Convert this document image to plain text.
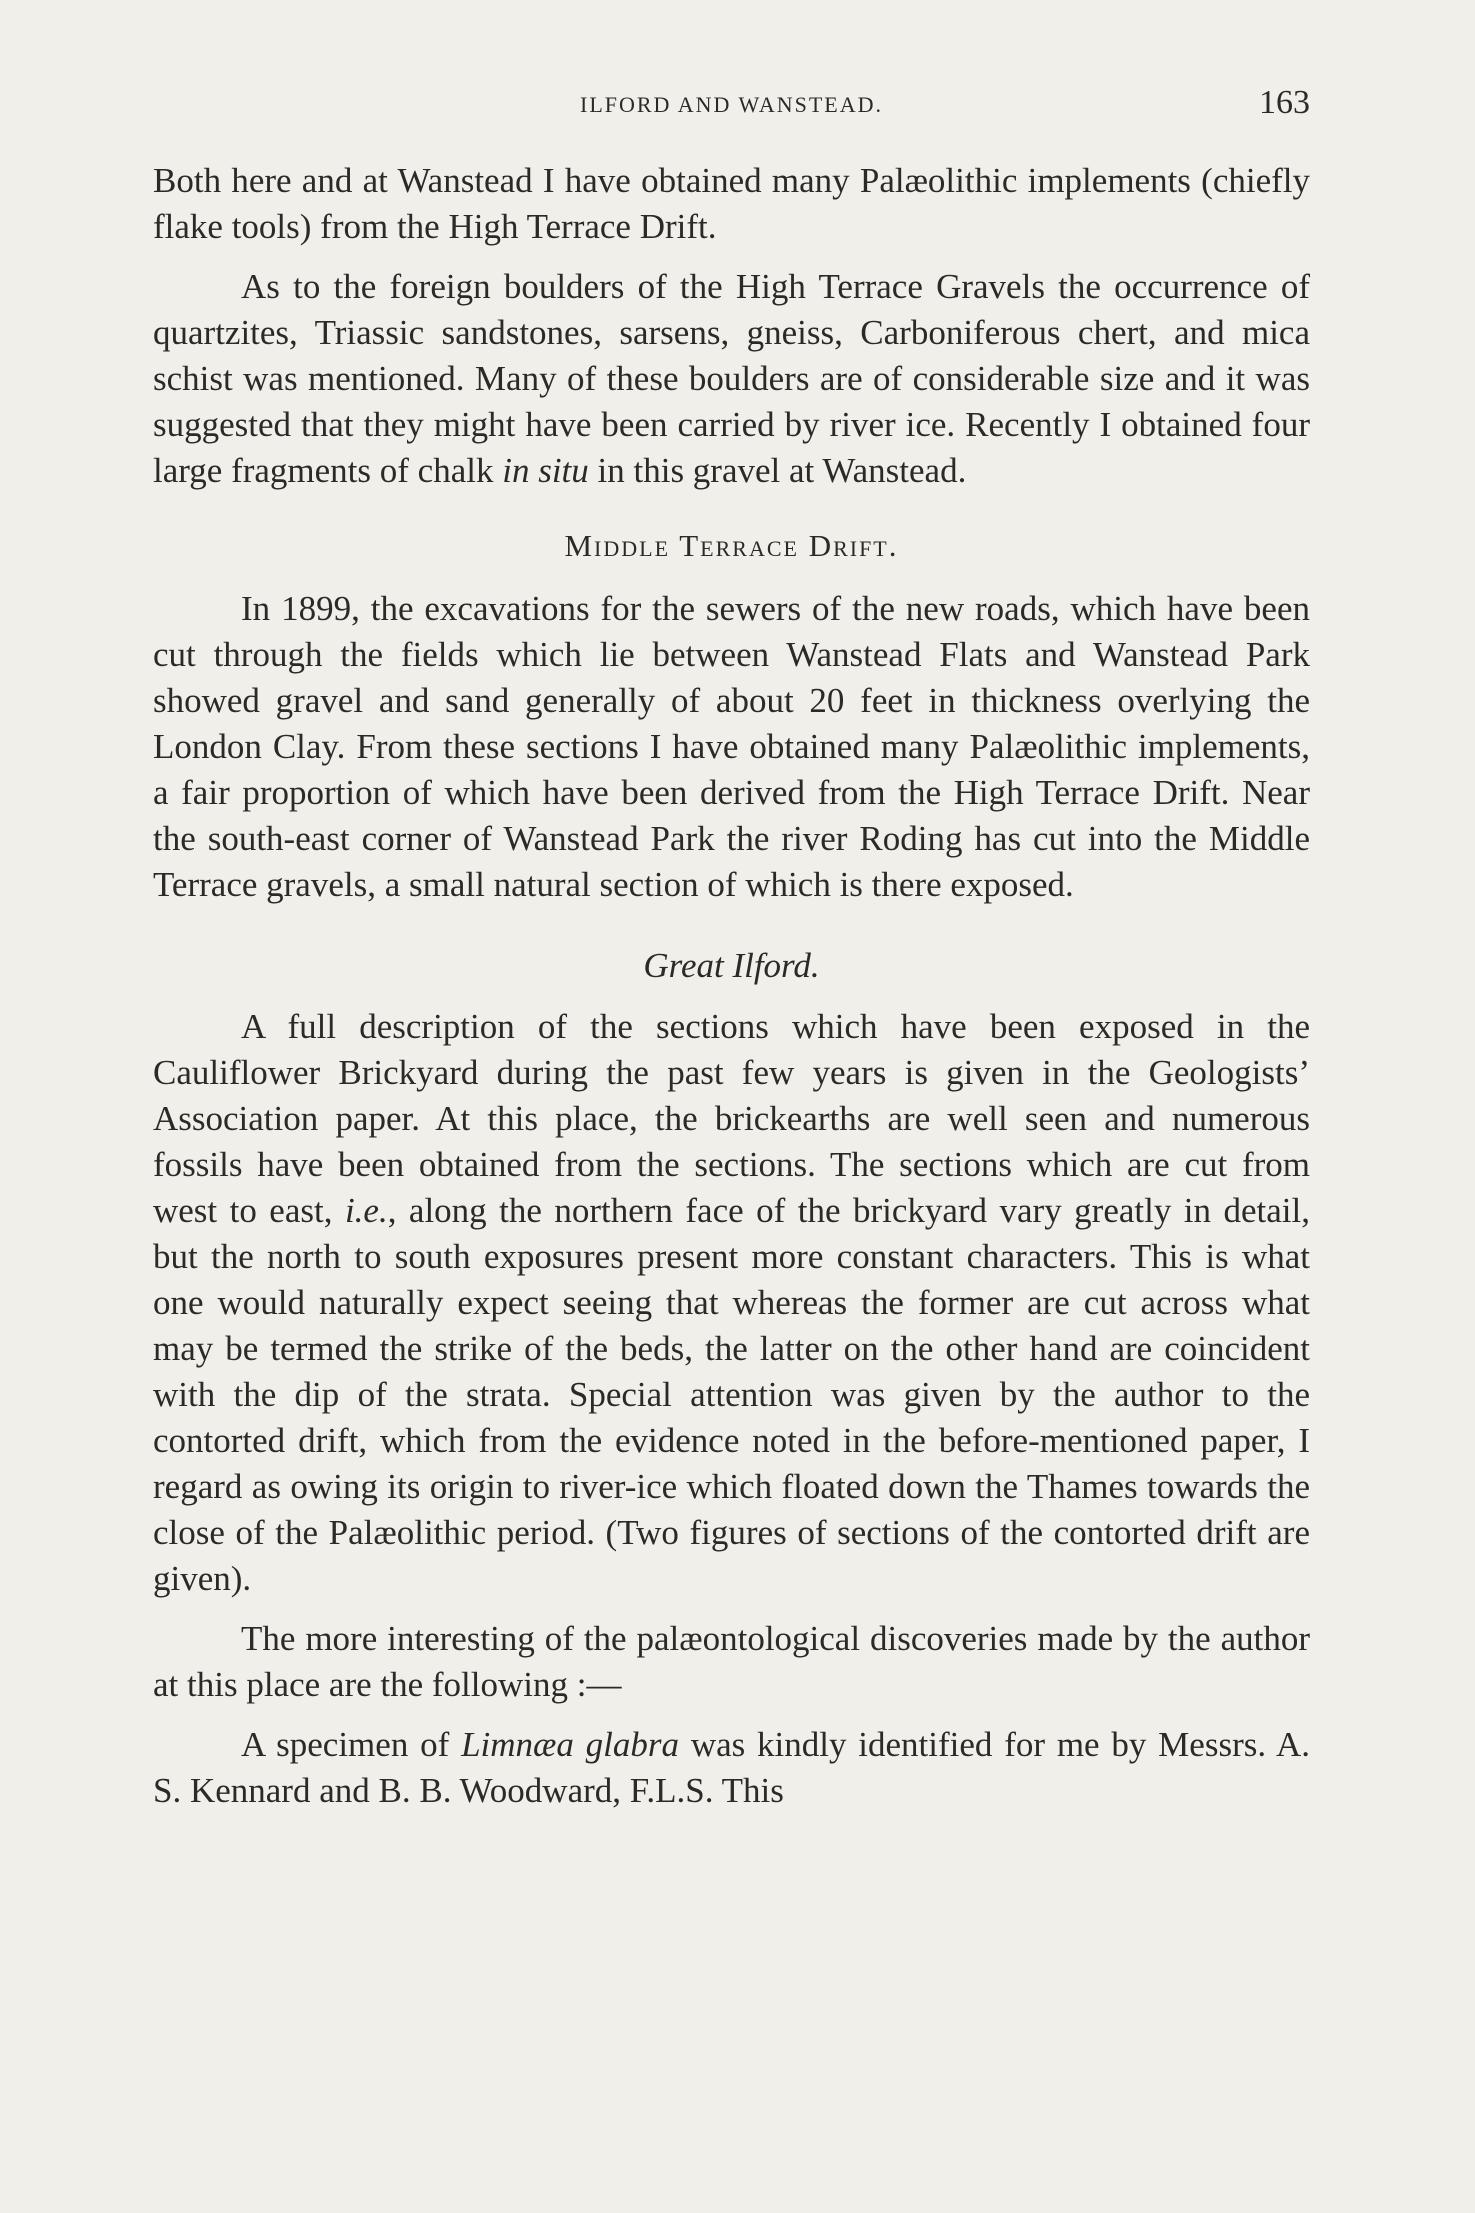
ILFORD AND WANSTEAD.	163

Both here and at Wanstead I have obtained many Palæolithic implements (chiefly flake tools) from the High Terrace Drift.

As to the foreign boulders of the High Terrace Gravels the occurrence of quartzites, Triassic sandstones, sarsens, gneiss, Carboniferous chert, and mica schist was mentioned. Many of these boulders are of considerable size and it was suggested that they might have been carried by river ice. Recently I obtained four large fragments of chalk in situ in this gravel at Wanstead.

Middle Terrace Drift.

In 1899, the excavations for the sewers of the new roads, which have been cut through the fields which lie between Wanstead Flats and Wanstead Park showed gravel and sand generally of about 20 feet in thickness overlying the London Clay. From these sections I have obtained many Palæolithic implements, a fair proportion of which have been derived from the High Terrace Drift. Near the south-east corner of Wanstead Park the river Roding has cut into the Middle Terrace gravels, a small natural section of which is there exposed.

Great Ilford.

A full description of the sections which have been exposed in the Cauliflower Brickyard during the past few years is given in the Geologists’ Association paper. At this place, the brickearths are well seen and numerous fossils have been obtained from the sections. The sections which are cut from west to east, i.e., along the northern face of the brickyard vary greatly in detail, but the north to south exposures present more constant characters. This is what one would naturally expect seeing that whereas the former are cut across what may be termed the strike of the beds, the latter on the other hand are coincident with the dip of the strata. Special attention was given by the author to the contorted drift, which from the evidence noted in the before-mentioned paper, I regard as owing its origin to river-ice which floated down the Thames towards the close of the Palæolithic period. (Two figures of sections of the contorted drift are given).

The more interesting of the palæontological discoveries made by the author at this place are the following :—

A specimen of Limnæa glabra was kindly identified for me by Messrs. A. S. Kennard and B. B. Woodward, F.L.S. This
